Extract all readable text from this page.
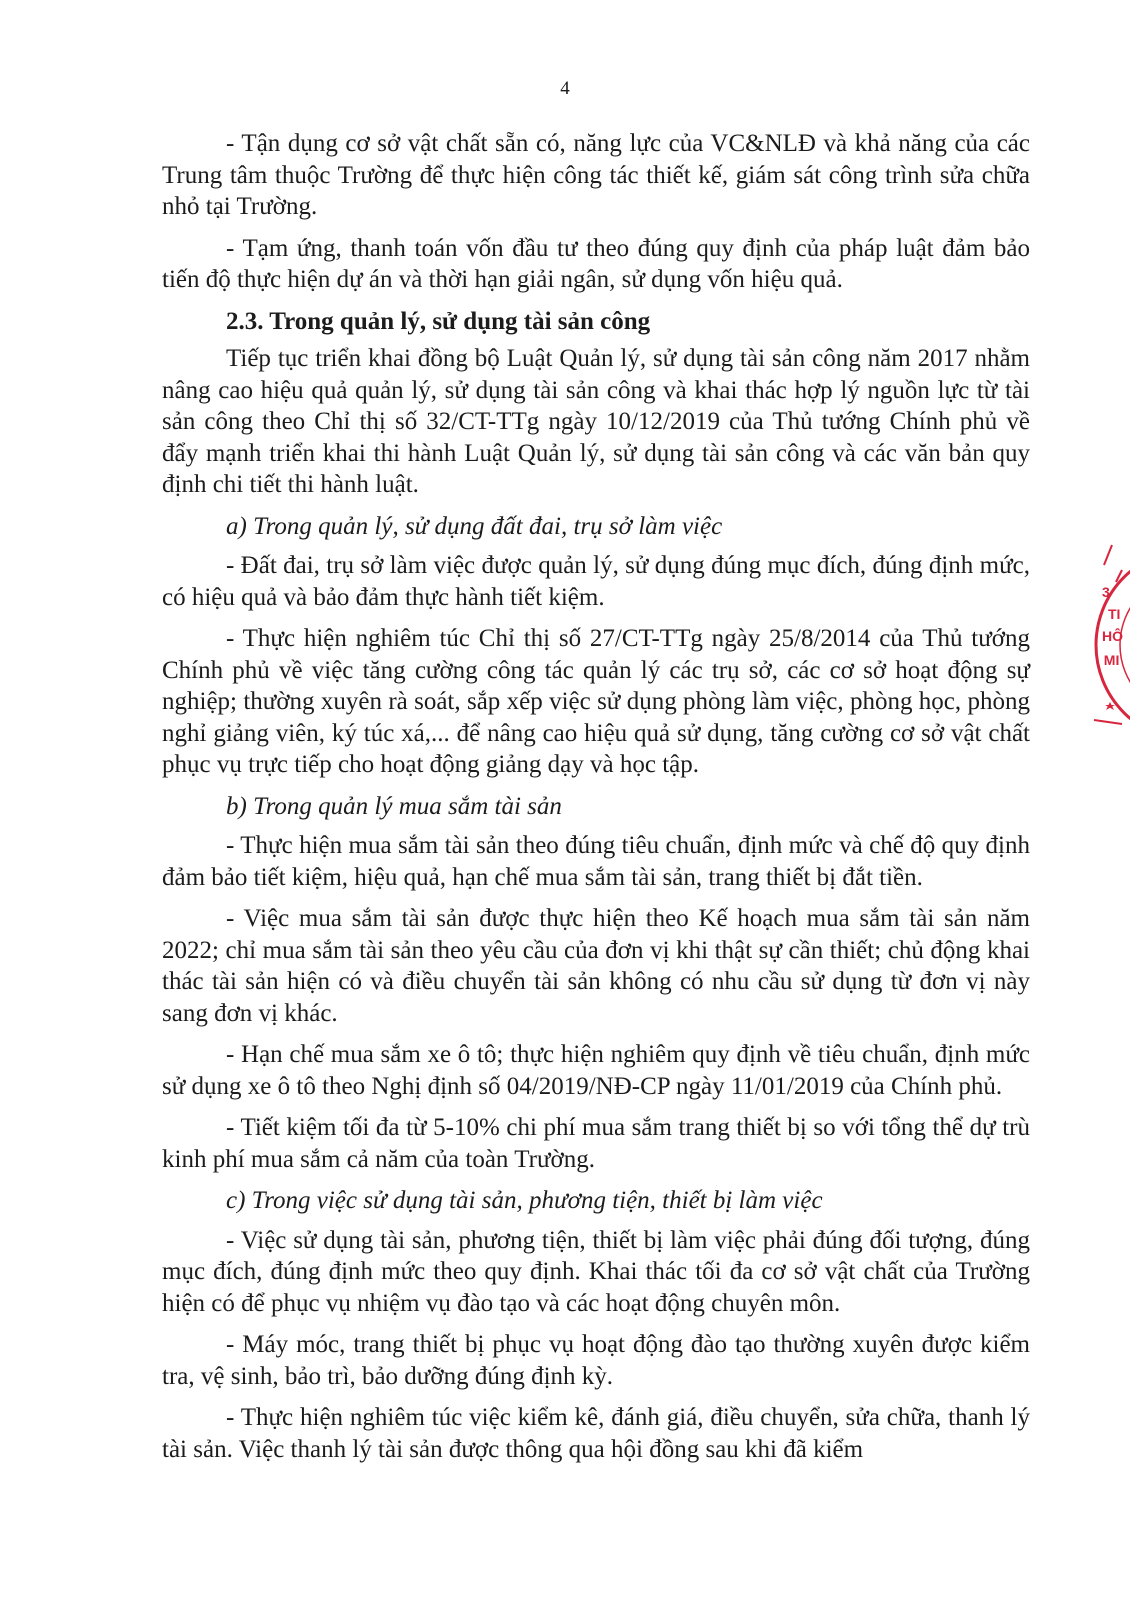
4

- Tận dụng cơ sở vật chất sẵn có, năng lực của VC&NLĐ và khả năng của các Trung tâm thuộc Trường để thực hiện công tác thiết kế, giám sát công trình sửa chữa nhỏ tại Trường.

- Tạm ứng, thanh toán vốn đầu tư theo đúng quy định của pháp luật đảm bảo tiến độ thực hiện dự án và thời hạn giải ngân, sử dụng vốn hiệu quả.

2.3. Trong quản lý, sử dụng tài sản công

Tiếp tục triển khai đồng bộ Luật Quản lý, sử dụng tài sản công năm 2017 nhằm nâng cao hiệu quả quản lý, sử dụng tài sản công và khai thác hợp lý nguồn lực từ tài sản công theo Chỉ thị số 32/CT-TTg ngày 10/12/2019 của Thủ tướng Chính phủ về đẩy mạnh triển khai thi hành Luật Quản lý, sử dụng tài sản công và các văn bản quy định chi tiết thi hành luật.

a) Trong quản lý, sử dụng đất đai, trụ sở làm việc

- Đất đai, trụ sở làm việc được quản lý, sử dụng đúng mục đích, đúng định mức, có hiệu quả và bảo đảm thực hành tiết kiệm.

- Thực hiện nghiêm túc Chỉ thị số 27/CT-TTg ngày 25/8/2014 của Thủ tướng Chính phủ về việc tăng cường công tác quản lý các trụ sở, các cơ sở hoạt động sự nghiệp; thường xuyên rà soát, sắp xếp việc sử dụng phòng làm việc, phòng học, phòng nghỉ giảng viên, ký túc xá,... để nâng cao hiệu quả sử dụng, tăng cường cơ sở vật chất phục vụ trực tiếp cho hoạt động giảng dạy và học tập.

b) Trong quản lý mua sắm tài sản

- Thực hiện mua sắm tài sản theo đúng tiêu chuẩn, định mức và chế độ quy định đảm bảo tiết kiệm, hiệu quả, hạn chế mua sắm tài sản, trang thiết bị đắt tiền.

- Việc mua sắm tài sản được thực hiện theo Kế hoạch mua sắm tài sản năm 2022; chỉ mua sắm tài sản theo yêu cầu của đơn vị khi thật sự cần thiết; chủ động khai thác tài sản hiện có và điều chuyển tài sản không có nhu cầu sử dụng từ đơn vị này sang đơn vị khác.

- Hạn chế mua sắm xe ô tô; thực hiện nghiêm quy định về tiêu chuẩn, định mức sử dụng xe ô tô theo Nghị định số 04/2019/NĐ-CP ngày 11/01/2019 của Chính phủ.

- Tiết kiệm tối đa từ 5-10% chi phí mua sắm trang thiết bị so với tổng thể dự trù kinh phí mua sắm cả năm của toàn Trường.

c) Trong việc sử dụng tài sản, phương tiện, thiết bị làm việc

- Việc sử dụng tài sản, phương tiện, thiết bị làm việc phải đúng đối tượng, đúng mục đích, đúng định mức theo quy định. Khai thác tối đa cơ sở vật chất của Trường hiện có để phục vụ nhiệm vụ đào tạo và các hoạt động chuyên môn.

- Máy móc, trang thiết bị phục vụ hoạt động đào tạo thường xuyên được kiểm tra, vệ sinh, bảo trì, bảo dưỡng đúng định kỳ.

- Thực hiện nghiêm túc việc kiểm kê, đánh giá, điều chuyển, sửa chữa, thanh lý tài sản. Việc thanh lý tài sản được thông qua hội đồng sau khi đã kiểm

3
TI
HÔ
, MI
